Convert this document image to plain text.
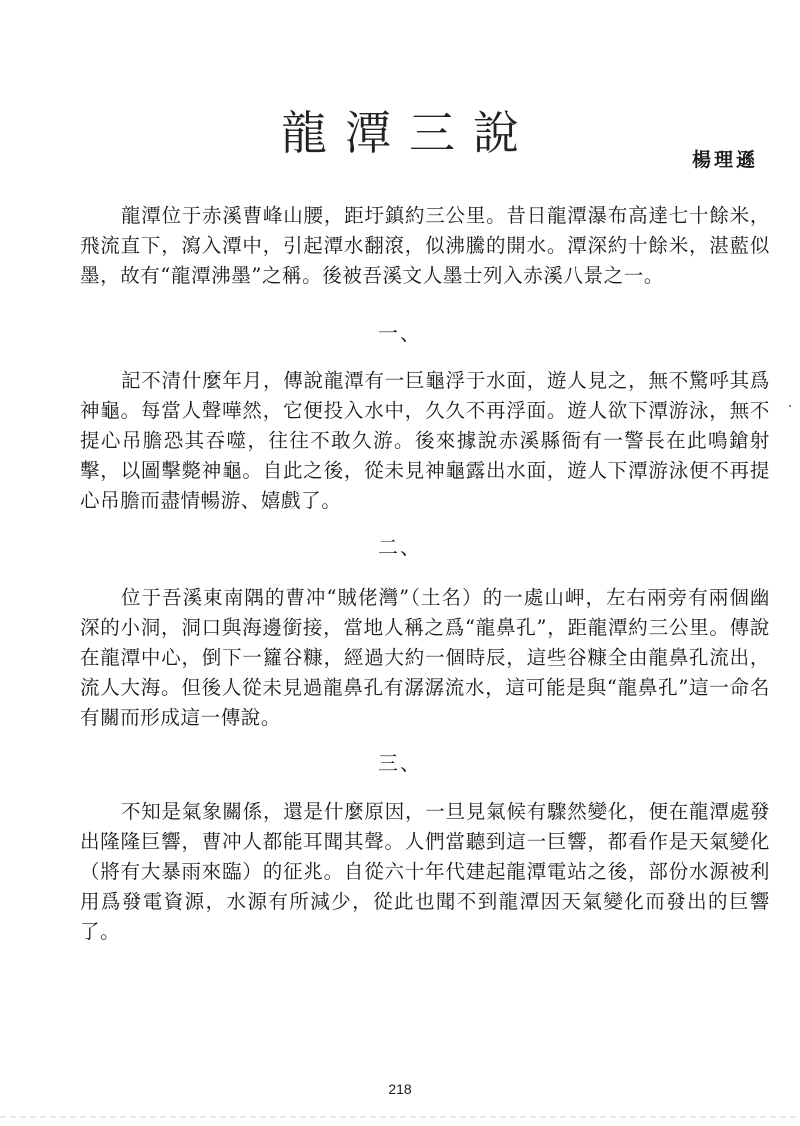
龍潭三說
楊理遜

龍潭位于赤溪曹峰山腰，距圩鎮約三公里。昔日龍潭瀑布高達七十餘米，飛流直下，瀉入潭中，引起潭水翻滾，似沸騰的開水。潭深約十餘米，湛藍似墨，故有“龍潭沸墨”之稱。後被吾溪文人墨士列入赤溪八景之一。

一、

記不清什麼年月，傳說龍潭有一巨龜浮于水面，遊人見之，無不驚呼其爲神龜。每當人聲嘩然，它便投入水中，久久不再浮面。遊人欲下潭游泳，無不提心吊膽恐其吞噬，往往不敢久游。後來據說赤溪縣衙有一警長在此鳴鎗射擊，以圖擊斃神龜。自此之後，從未見神龜露出水面，遊人下潭游泳便不再提心吊膽而盡情暢游、嬉戲了。

二、

位于吾溪東南隅的曹冲“賊佬灣”（土名）的一處山岬，左右兩旁有兩個幽深的小洞，洞口與海邊銜接，當地人稱之爲“龍鼻孔”，距龍潭約三公里。傳說在龍潭中心，倒下一籮谷糠，經過大約一個時辰，這些谷糠全由龍鼻孔流出，流人大海。但後人從未見過龍鼻孔有潺潺流水，這可能是與“龍鼻孔”這一命名有關而形成這一傳說。

三、

不知是氣象關係，還是什麼原因，一旦見氣候有驟然變化，便在龍潭處發出隆隆巨響，曹冲人都能耳聞其聲。人們當聽到這一巨響，都看作是天氣變化（將有大暴雨來臨）的征兆。自從六十年代建起龍潭電站之後，部份水源被利用爲發電資源，水源有所減少，從此也聞不到龍潭因天氣變化而發出的巨響了。

218
